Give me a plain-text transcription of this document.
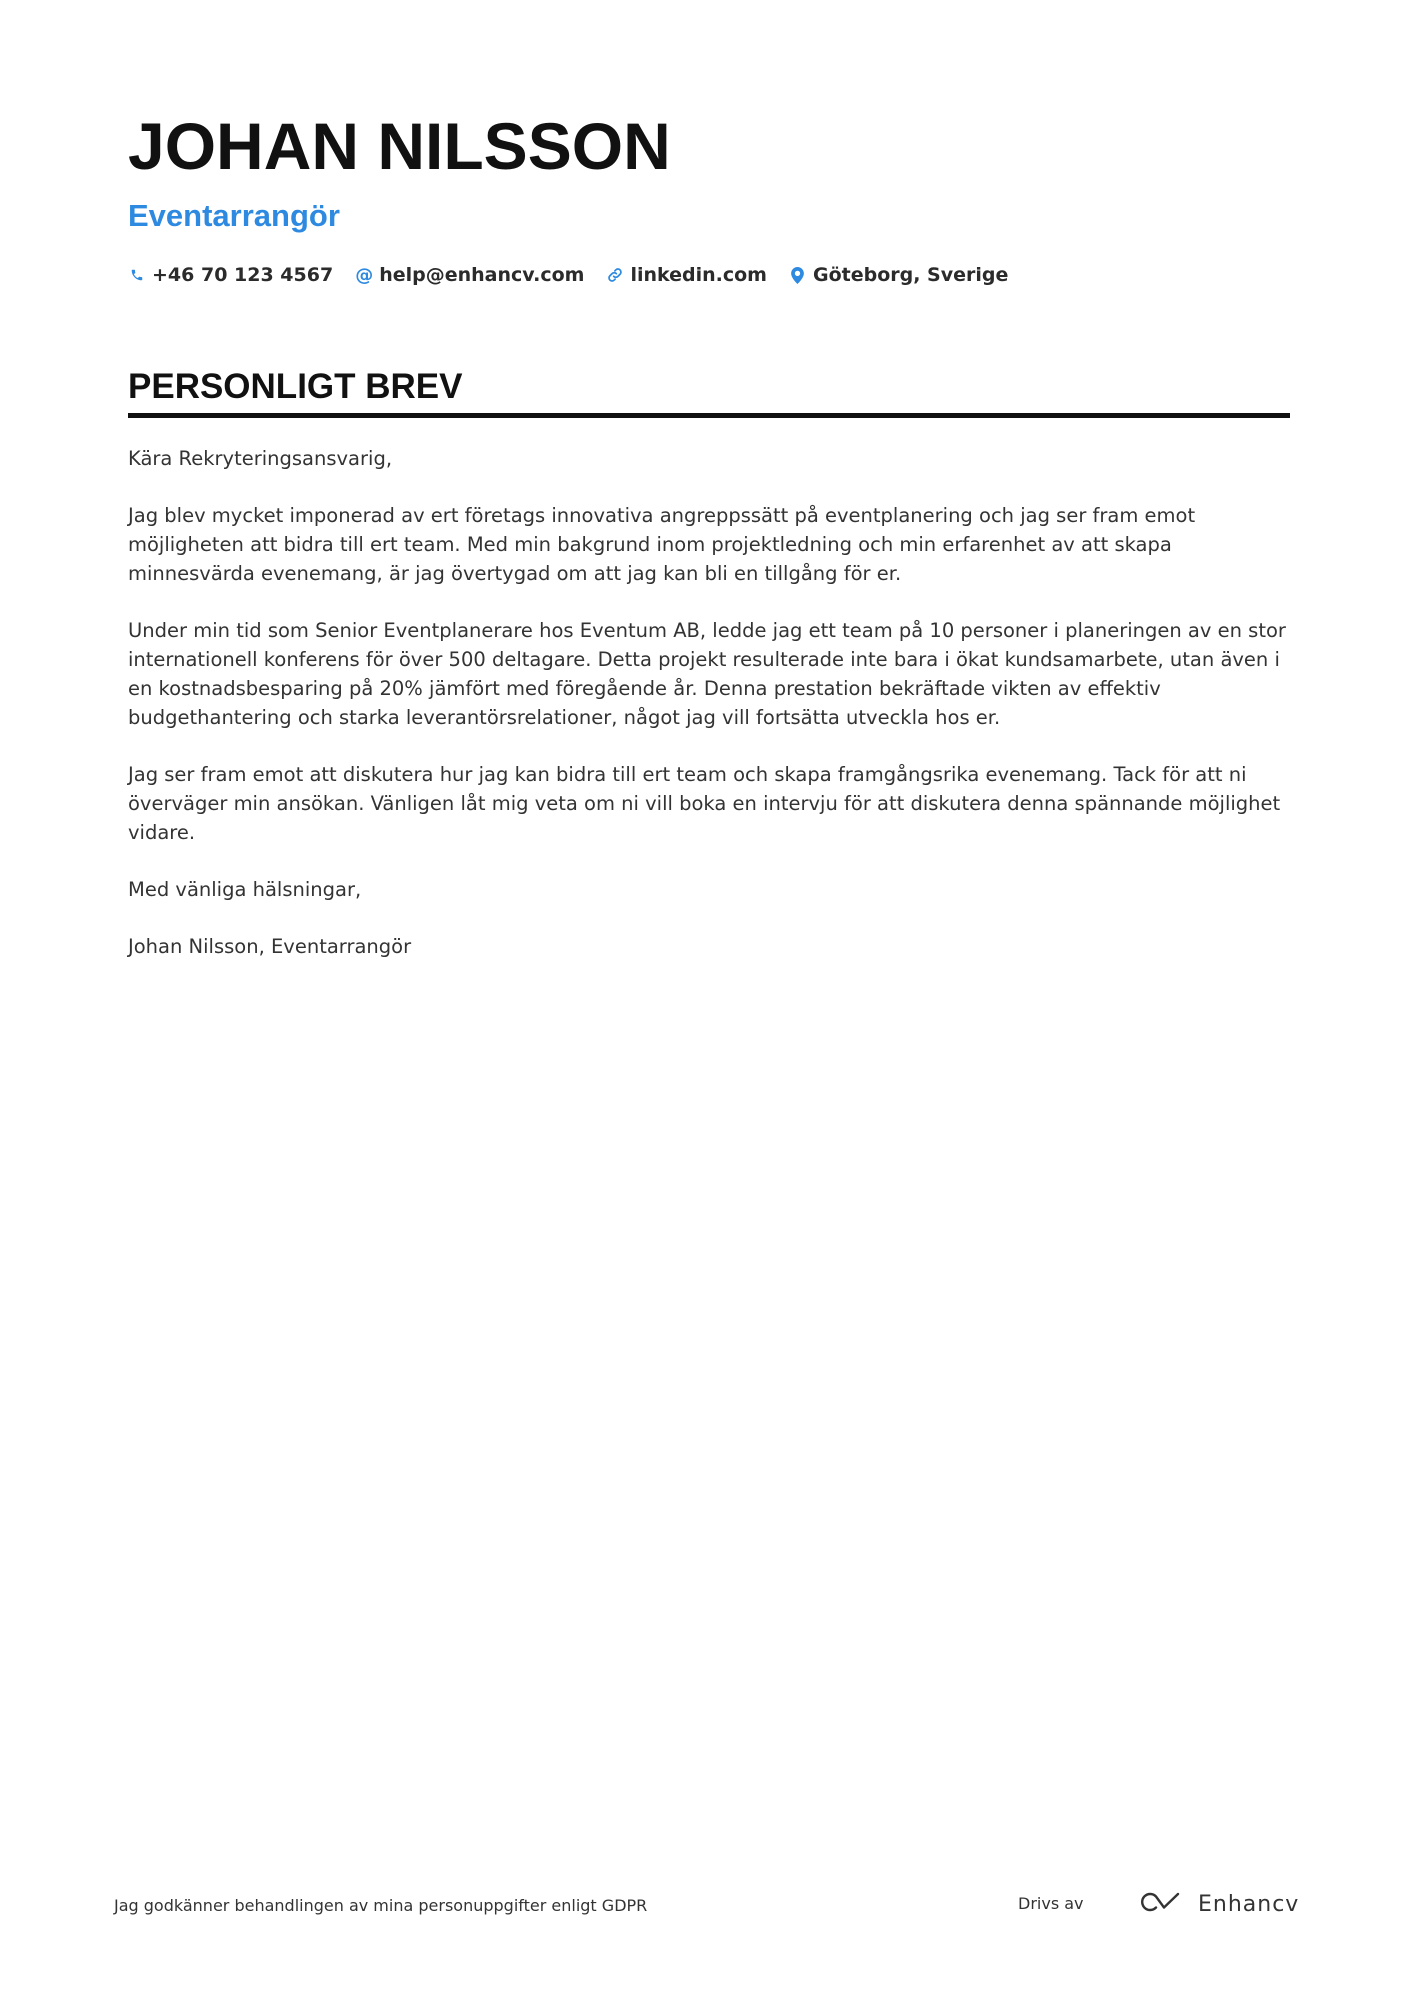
JOHAN NILSSON
Eventarrangör
+46 70 123 4567 @ help@enhancv.com linkedin.com Göteborg, Sverige
PERSONLIGT BREV

Kära Rekryteringsansvarig,

Jag blev mycket imponerad av ert företags innovativa angreppssätt på eventplanering och jag ser fram emot möjligheten att bidra till ert team. Med min bakgrund inom projektledning och min erfarenhet av att skapa minnesvärda evenemang, är jag övertygad om att jag kan bli en tillgång för er.

Under min tid som Senior Eventplanerare hos Eventum AB, ledde jag ett team på 10 personer i planeringen av en stor internationell konferens för över 500 deltagare. Detta projekt resulterade inte bara i ökat kundsamarbete, utan även i en kostnadsbesparing på 20% jämfört med föregående år. Denna prestation bekräftade vikten av effektiv budgethantering och starka leverantörsrelationer, något jag vill fortsätta utveckla hos er.

Jag ser fram emot att diskutera hur jag kan bidra till ert team och skapa framgångsrika evenemang. Tack för att ni överväger min ansökan. Vänligen låt mig veta om ni vill boka en intervju för att diskutera denna spännande möjlighet vidare.

Med vänliga hälsningar,

Johan Nilsson, Eventarrangör

Jag godkänner behandlingen av mina personuppgifter enligt GDPR	Drivs av	Enhancv
